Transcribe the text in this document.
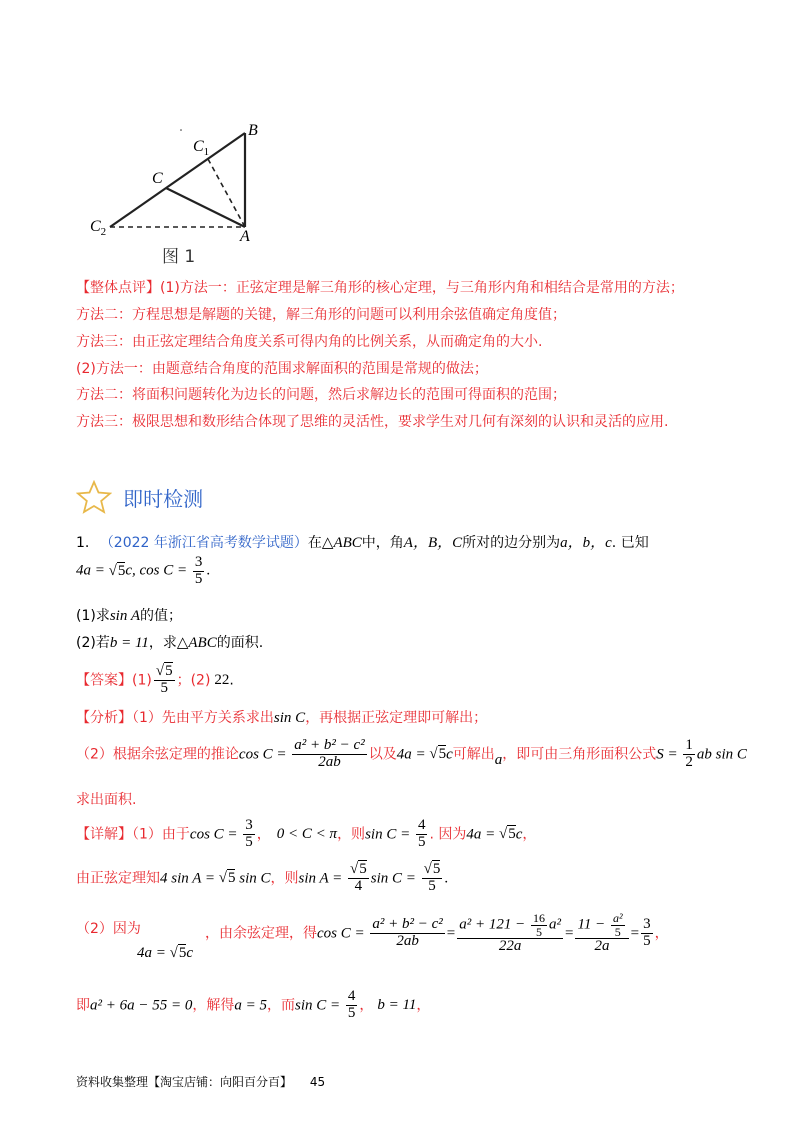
B
$C_1$
C
$C_2$	A
图 1
【整体点评】(1)方法一：正弦定理是解三角形的核心定理，与三角形内角和相结合是常用的方法；
方法二：方程思想是解题的关键，解三角形的问题可以利用余弦值确定角度值；
方法三：由正弦定理结合角度关系可得内角的比例关系，从而确定角的大小.
(2)方法一：由题意结合角度的范围求解面积的范围是常规的做法；
方法二：将面积问题转化为边长的问题，然后求解边长的范围可得面积的范围；
方法三：极限思想和数形结合体现了思维的灵活性，要求学生对几何有深刻的认识和灵活的应用.
即时检测
1. （2022 年浙江省高考数学试题）在△ABC中，角A，B，C所对的边分别为a，b，c. 已知
4a = √5c, $\cos C = \frac{3}{5}$ .
(1)求sin A的值；
(2)若b = 11，求△ABC的面积.
【答案】$(1) \frac{√5}{5}$ ；(2) 22.
【分析】（1）先由平方关系求出sin C，再根据正弦定理即可解出；
（2）根据余弦定理的推论$\cos C = \frac{\text{a² + b² − c²}}{2ab}$ 以及4a = √5c可解出a，即可由三角形面积公式$S = \frac{1}{2}$ ab sin C
求出面积.
【详解】（1）由于$\cos C = \frac{3}{5}$ ， 0 < C < π，则$\sin C = \frac{4}{5}$ . 因为4a = √5c，
由正弦定理知4 sin A = √5 sin C，则$\sin A = \frac{√5}{4}$ $\sin C = \frac{√5}{5}$ .
（2）因为
4a = √5c
，由余弦定理，得$\cos C = \frac{\text{a² + b² − c²}}{2ab} = \frac{a^2 + 121 - \frac{16}{5} a^2}{22a} = \frac{11 - \frac{\text{a²}}{5}}{2a} = \frac{3}{5}$ ，
即a² + 6a − 55 = 0，解得a = 5，而$\sin C = \frac{4}{5}$ ， b = 11，
资料收集整理【淘宝店铺：向阳百分百】 45
